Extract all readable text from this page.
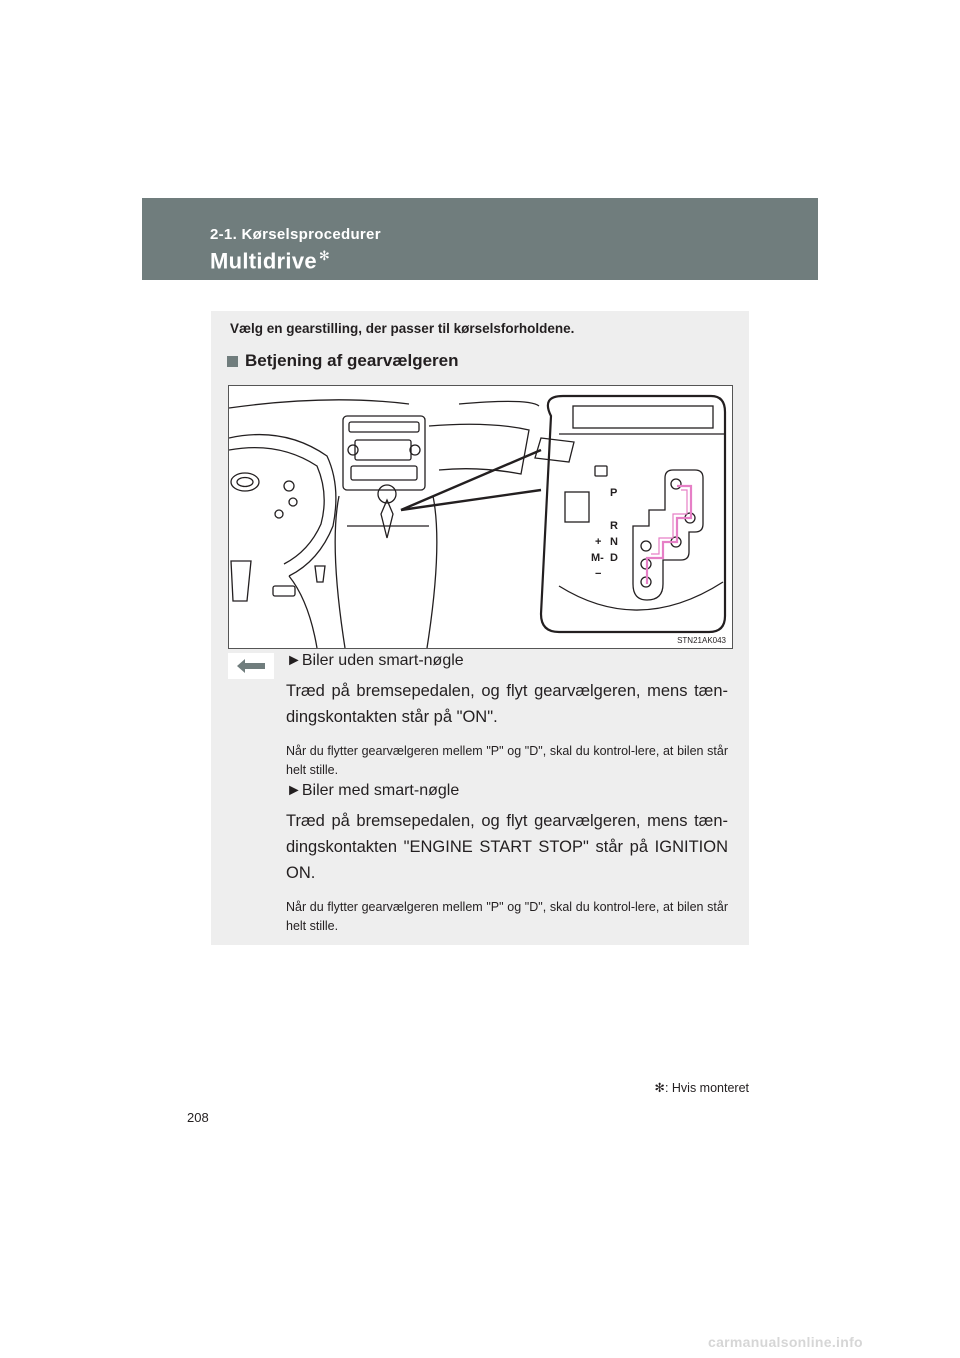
2-1. Kørselsprocedurer
Multidrive ✻
Vælg en gearstilling, der passer til kørselsforholdene.
Betjening af gearvælgeren
P
R
N
D
+
M-
−
STN21AK043
►Biler uden smart-nøgle
Træd på bremsepedalen, og flyt gearvælgeren, mens tæn-dingskontakten står på "ON".
Når du flytter gearvælgeren mellem "P" og "D", skal du kontrol-lere, at bilen står helt stille.
►Biler med smart-nøgle
Træd på bremsepedalen, og flyt gearvælgeren, mens tæn-dingskontakten "ENGINE START STOP" står på IGNITION ON.
Når du flytter gearvælgeren mellem "P" og "D", skal du kontrol-lere, at bilen står helt stille.
✻: Hvis monteret
208
carmanualsonline.info
